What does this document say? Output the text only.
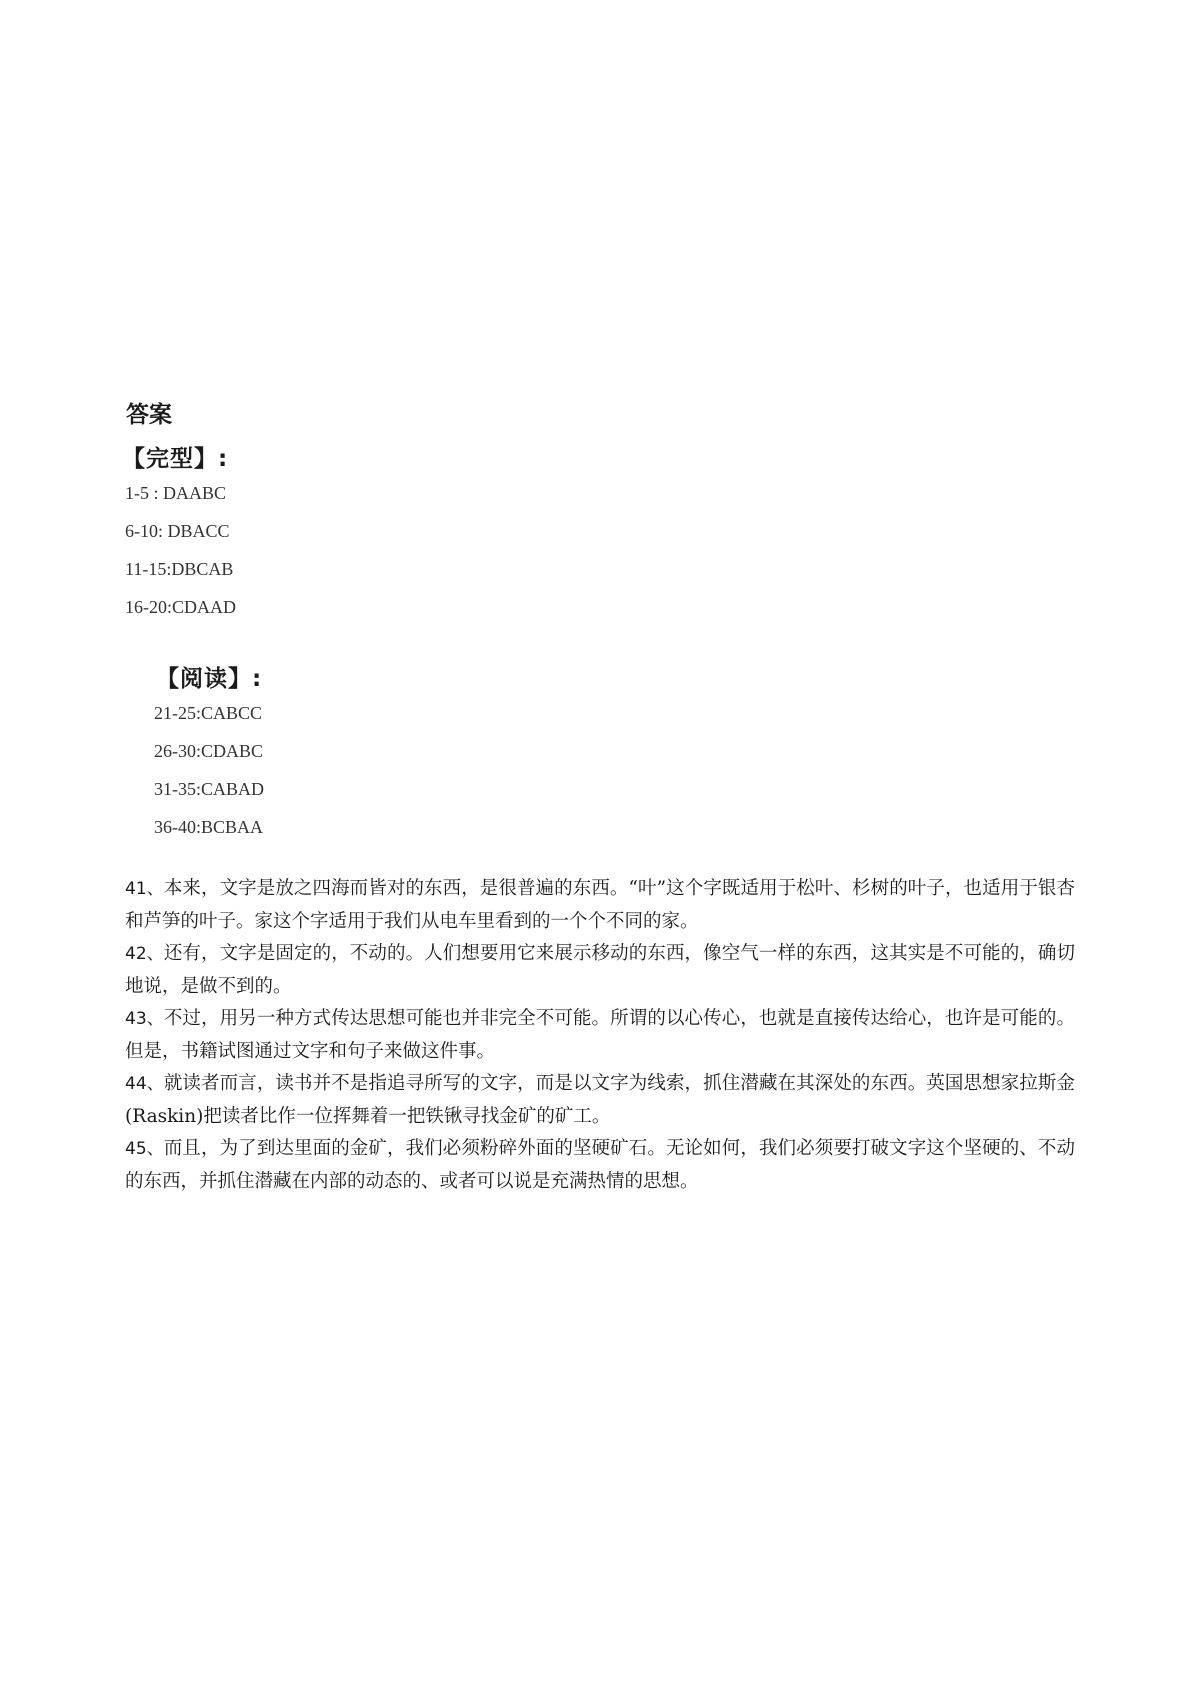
答案
【完型】:
1-5 : DAABC
6-10: DBACC
11-15:DBCAB
16-20:CDAAD
【阅读】:
21-25:CABCC
26-30:CDABC
31-35:CABAD
36-40:BCBAA

41、本来，文字是放之四海而皆对的东西，是很普遍的东西。“叶”这个字既适用于松叶、杉树的叶子，也适用于银杏和芦笋的叶子。家这个字适用于我们从电车里看到的一个个不同的家。

42、还有，文字是固定的，不动的。人们想要用它来展示移动的东西，像空气一样的东西，这其实是不可能的，确切地说，是做不到的。

43、不过，用另一种方式传达思想可能也并非完全不可能。所谓的以心传心，也就是直接传达给心，也许是可能的。但是，书籍试图通过文字和句子来做这件事。

44、就读者而言，读书并不是指追寻所写的文字，而是以文字为线索，抓住潜藏在其深处的东西。英国思想家拉斯金(Raskin)把读者比作一位挥舞着一把铁锹寻找金矿的矿工。

45、而且，为了到达里面的金矿，我们必须粉碎外面的坚硬矿石。无论如何，我们必须要打破文字这个坚硬的、不动的东西，并抓住潜藏在内部的动态的、或者可以说是充满热情的思想。
